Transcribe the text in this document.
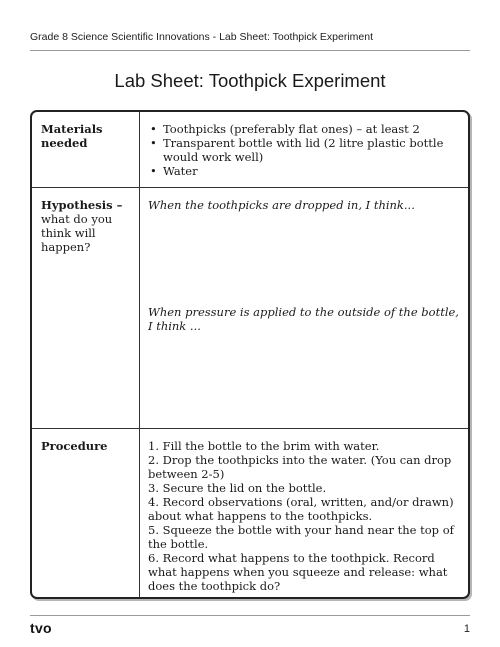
Grade 8 Science Scientific Innovations - Lab Sheet: Toothpick Experiment
Lab Sheet: Toothpick Experiment
Materials needed
• Toothpicks (preferably flat ones) – at least 2
• Transparent bottle with lid (2 litre plastic bottle would work well)
• Water
Hypothesis – what do you think will happen?
When the toothpicks are dropped in, I think...
When pressure is applied to the outside of the bottle, I think ...
Procedure	1. Fill the bottle to the brim with water.

2. Drop the toothpicks into the water. (You can drop between 2-5)

3. Secure the lid on the bottle.

4. Record observations (oral, written, and/or drawn) about what happens to the toothpicks.

5. Squeeze the bottle with your hand near the top of the bottle.

6. Record what happens to the toothpick. Record what happens when you squeeze and release: what does the toothpick do?

tvo	1
